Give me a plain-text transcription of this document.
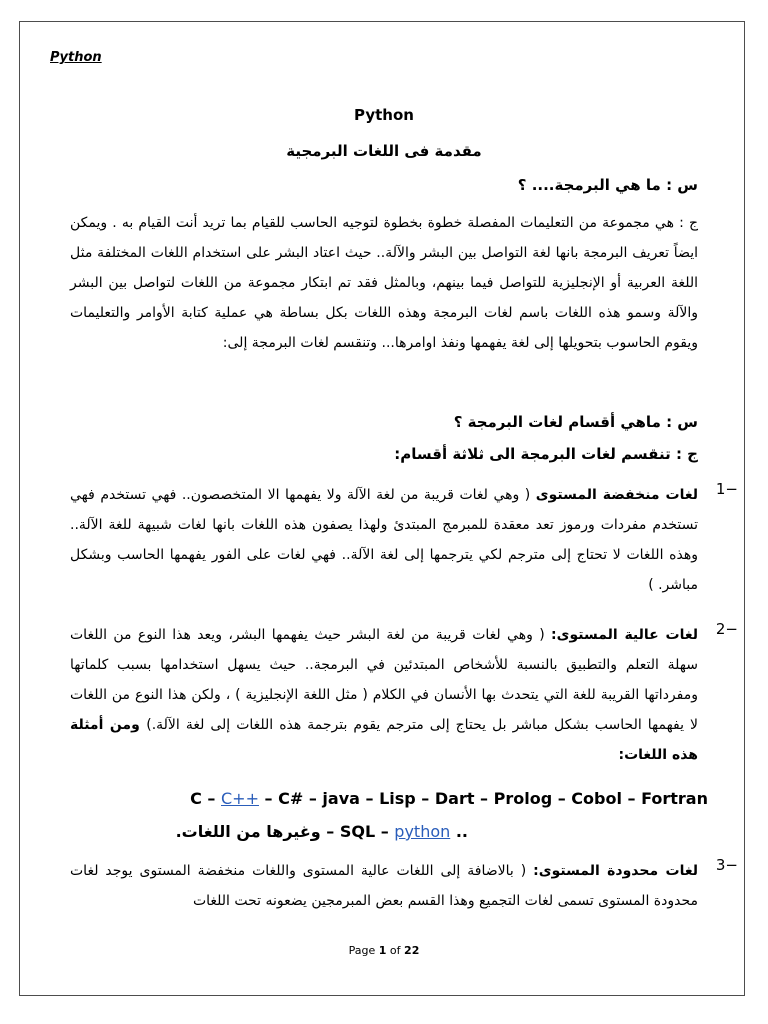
Python
Python
مقدمة فى اللغات البرمجية
س : ما هي البرمجة.... ؟
ج : هي مجموعة من التعليمات المفصلة خطوة بخطوة لتوجيه الحاسب للقيام بما تريد أنت القيام به . ويمكن ايضاً تعريف البرمجة بانها لغة التواصل بين البشر والآلة.. حيث اعتاد البشر على استخدام اللغات المختلفة مثل اللغة العربية أو الإنجليزية للتواصل فيما بينهم، وبالمثل فقد تم ابتكار مجموعة من اللغات لتواصل بين البشر والآلة وسمو هذه اللغات باسم لغات البرمجة وهذه اللغات بكل بساطة هي عملية كتابة الأوامر والتعليمات ويقوم الحاسوب بتحويلها إلى لغة يفهمها ونفذ اوامرها... وتنقسم لغات البرمجة إلى:
س : ماهي أقسام لغات البرمجة ؟
ج : تنقسم لغات البرمجة الى ثلاثة أقسام:
1−
لغات منخفضة المستوى ( وهي لغات قريبة من لغة الآلة ولا يفهمها الا المتخصصون.. فهي تستخدم فهي تستخدم مفردات ورموز تعد معقدة للمبرمج المبتدئ ولهذا يصفون هذه اللغات بانها لغات شبيهة للغة الآلة.. وهذه اللغات لا تحتاج إلى مترجم لكي يترجمها إلى لغة الآلة.. فهي لغات على الفور يفهمها الحاسب وبشكل مباشر. )
2−
لغات عالية المستوى: ( وهي لغات قريبة من لغة البشر حيث يفهمها البشر، ويعد هذا النوع من اللغات سهلة التعلم والتطبيق بالنسبة للأشخاص المبتدئين في البرمجة.. حيث يسهل استخدامها بسبب كلماتها ومفرداتها القريبة للغة التي يتحدث بها الأنسان في الكلام ( مثل اللغة الإنجليزية ) ، ولكن هذا النوع من اللغات لا يفهمها الحاسب بشكل مباشر بل يحتاج إلى مترجم يقوم بترجمة هذه اللغات إلى لغة الآلة.) ومن أمثلة هذه اللغات:
C – C++ – C# – java – Lisp – Dart – Prolog – Cobol – Fortran
.. SQL – python – وغيرها من اللغات.
3−
لغات محدودة المستوى: ( بالاضافة إلى اللغات عالية المستوى واللغات منخفضة المستوى يوجد لغات محدودة المستوى تسمى لغات التجميع وهذا القسم بعض المبرمجين يضعونه تحت اللغات
Page 1 of 22
